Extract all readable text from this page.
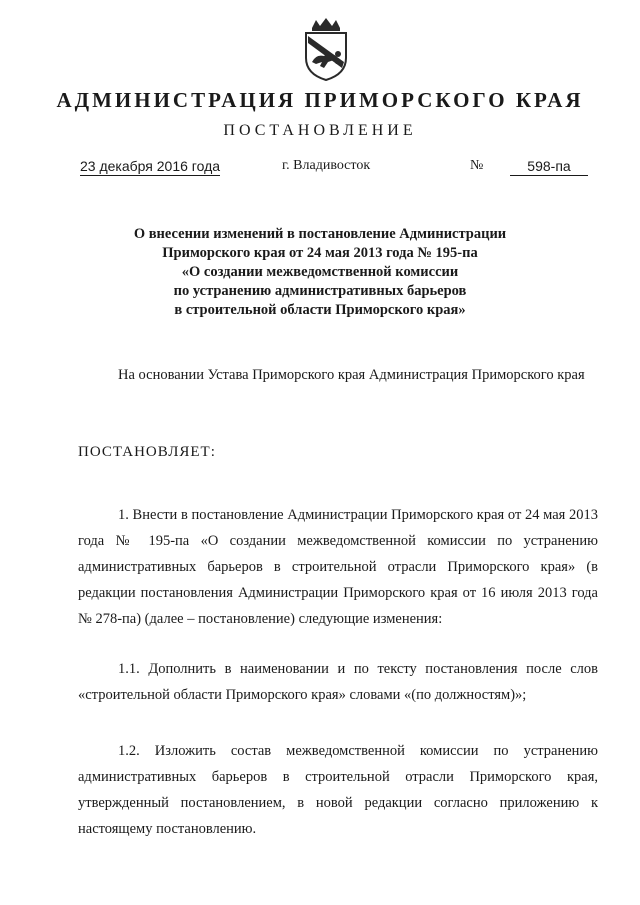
АДМИНИСТРАЦИЯ ПРИМОРСКОГО КРАЯ
ПОСТАНОВЛЕНИЕ
23 декабря 2016 года	г. Владивосток	№	598-па
О внесении изменений в постановление Администрации
Приморского края от 24 мая 2013 года № 195-па
«О создании межведомственной комиссии
по устранению административных барьеров
в строительной области Приморского края»
На основании Устава Приморского края Администрация Приморского края
ПОСТАНОВЛЯЕТ:
1. Внести в постановление Администрации Приморского края от 24 мая 2013 года № 195-па «О создании межведомственной комиссии по устранению административных барьеров в строительной отрасли Приморского края» (в редакции постановления Администрации Приморского края от 16 июля 2013 года № 278-па) (далее – постановление) следующие изменения:
1.1. Дополнить в наименовании и по тексту постановления после слов «строительной области Приморского края» словами «(по должностям)»;
1.2. Изложить состав межведомственной комиссии по устранению административных барьеров в строительной отрасли Приморского края, утвержденный постановлением, в новой редакции согласно приложению к настоящему постановлению.
